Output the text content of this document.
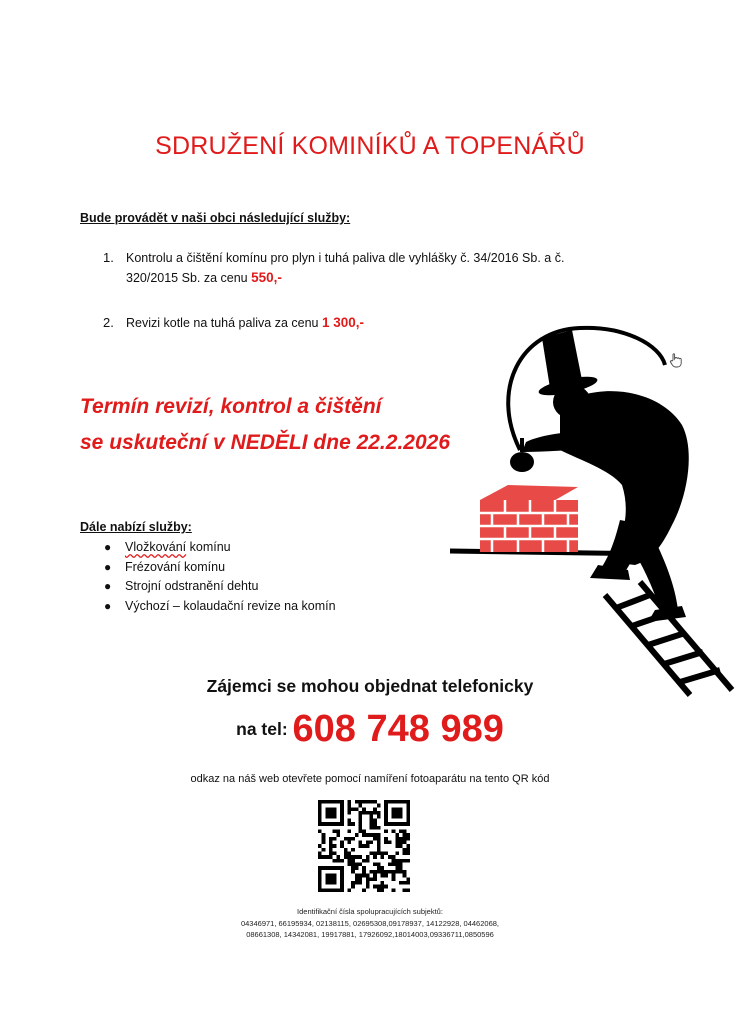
SDRUŽENÍ KOMINÍKŮ A TOPENÁŘŮ
Bude provádět v naši obci následující služby:
1. Kontrolu a čištění komínu pro plyn i tuhá paliva dle vyhlášky č. 34/2016 Sb. a č.
320/2015 Sb. za cenu 550,-
2. Revizi kotle na tuhá paliva za cenu 1 300,-
Termín revizí, kontrol a čištění
se uskuteční v NEDĚLI dne 22.2.2026
Dále nabízí služby:
● Vložkování komínu
● Frézování komínu
● Strojní odstranění dehtu
● Výchozí – kolaudační revize na komín
Zájemci se mohou objednat telefonicky
na tel: 608 748 989
odkaz na náš web otevřete pomocí namíření fotoaparátu na tento QR kód
Identifikační čísla spolupracujících subjektů:
04346971, 66195934, 02138115, 02695308,09178937, 14122928, 04462068,
08661308, 14342081, 19917881, 17926092,18014003,09336711,0850596
